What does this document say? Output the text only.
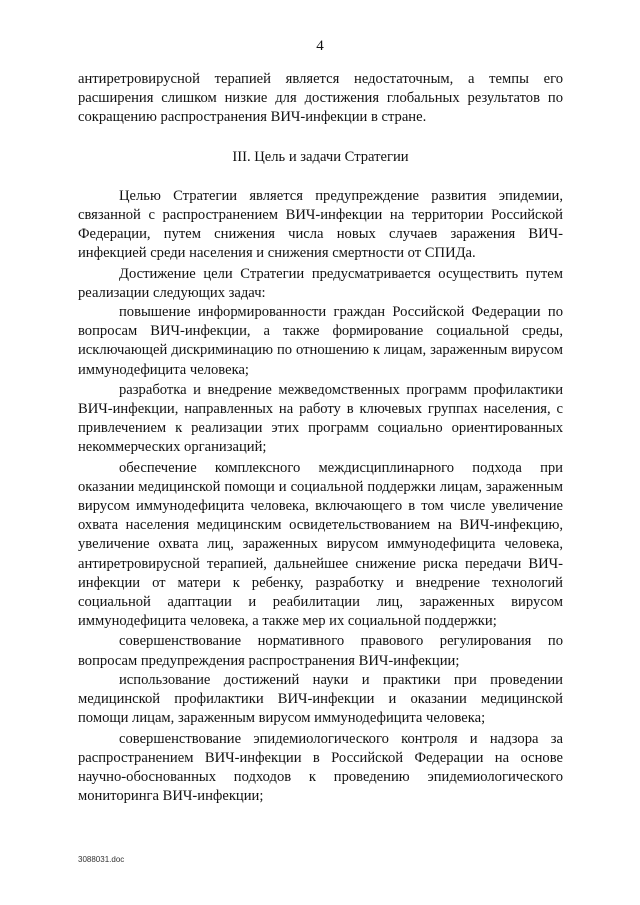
4

антиретровирусной терапией является недостаточным, а темпы его расширения слишком низкие для достижения глобальных результатов по сокращению распространения ВИЧ-инфекции в стране.

III. Цель и задачи Стратегии

Целью Стратегии является предупреждение развития эпидемии, связанной с распространением ВИЧ-инфекции на территории Российской Федерации, путем снижения числа новых случаев заражения ВИЧ-инфекцией среди населения и снижения смертности от СПИДа.

Достижение цели Стратегии предусматривается осуществить путем реализации следующих задач:

повышение информированности граждан Российской Федерации по вопросам ВИЧ-инфекции, а также формирование социальной среды, исключающей дискриминацию по отношению к лицам, зараженным вирусом иммунодефицита человека;

разработка и внедрение межведомственных программ профилактики ВИЧ-инфекции, направленных на работу в ключевых группах населения, с привлечением к реализации этих программ социально ориентированных некоммерческих организаций;

обеспечение комплексного междисциплинарного подхода при оказании медицинской помощи и социальной поддержки лицам, зараженным вирусом иммунодефицита человека, включающего в том числе увеличение охвата населения медицинским освидетельствованием на ВИЧ-инфекцию, увеличение охвата лиц, зараженных вирусом иммунодефицита человека, антиретровирусной терапией, дальнейшее снижение риска передачи ВИЧ-инфекции от матери к ребенку, разработку и внедрение технологий социальной адаптации и реабилитации лиц, зараженных вирусом иммунодефицита человека, а также мер их социальной поддержки;

совершенствование нормативного правового регулирования по вопросам предупреждения распространения ВИЧ-инфекции;

использование достижений науки и практики при проведении медицинской профилактики ВИЧ-инфекции и оказании медицинской помощи лицам, зараженным вирусом иммунодефицита человека;

совершенствование эпидемиологического контроля и надзора за распространением ВИЧ-инфекции в Российской Федерации на основе научно-обоснованных подходов к проведению эпидемиологического мониторинга ВИЧ-инфекции;

3088031.doc
